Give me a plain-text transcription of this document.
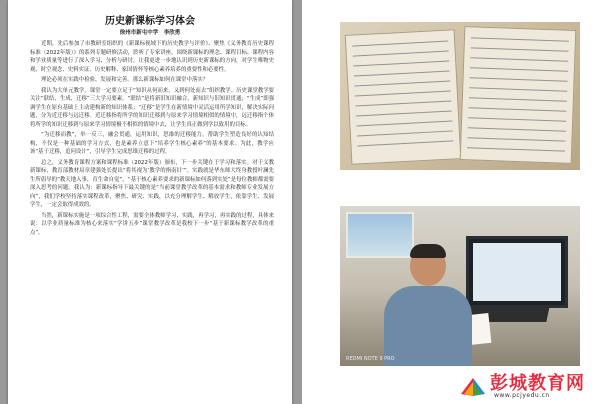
历史新课标学习体会
徐州市新屯中学　李欣勇

近期，先后参加了市教研室组织的《新课标视域下的历史教学与评价》、聚焦《义务教育历史课程标准（2022年版）》的系列专题研修活动，聆听了专家讲座，围绕新课标的理念、课程目标、课程内容和学业质量等进行了深入学习、分析与研讨，让我更进一步地认识到历史新课标的方向，对学生唯物史观、时空观念、史料实证、历史解释、家国情怀等核心素养培养的重要性和必要性。

理论必须在实践中检验、发展和完善。那么新课标如何在课堂中落实？

我认为大单元教学，课堂一定要立足于“知识从何而来，又到何处而去”组织教学。历史课堂教学要关注“联结、生成、迁移”三大学习要素。“联结”是将新旧知识融合，新知识与旧知识贯通；“生成”即强调学生在原有基础上主动建构新的知识体系；“迁移”是学生在新情境中灵活运用所学知识，解决实际问题，分为近迁移与远迁移。近迁移指将所学的知识迁移到与原来学习情境相似的情境中，远迁移指个体将所学的知识迁移到与原来学习情境极不相似的情境中去，让学生真正做到学以致用的目标。

“为迁移而教”，举一反三，融会贯通，运用知识，思维的迁移能力，帮助学生塑造良好的认知结构，不仅是一种基础的学习方式，也是素养立意下“培养学生核心素养”的基本要求。为此，教学应该“基于迁移，追问设计”，引导学生完成思维迁移的过程。

总之，义务教育课程方案和课程标准（2022年版）颁布，下一步关键在于学习和落实。对于义教新课标，教育部教材局章建强处长提出“将其视为‘教学的指南针’”。实践就是华东师大终身教授叶澜先生所倡导的“教天地入事，育生命自觉”，“基于核心素养要求的新课标如何落到实处”是每位教师都需要深入思考的问题。我认为：新课标指导下最关键的是“当前课堂教学改革的基本需求和教师专业发展方向”，我们学校坚持落实课程改革，聚焦、研究、实践，以充分理解学生、解放学生，依靠学生、发展学生，一定会取得成效的。

当然，新课标实施是一项综合性工程，需要全体教师学习，实践，再学习，再实践的过程，具体来说：以学业质量标准为核心来落实“学讲五步”课堂教学改革是我校下一步“基于新课标教学改革的重点”。

REDMI NOTE 9 PRO
彭城教育网
www.pcjyedu.cn
